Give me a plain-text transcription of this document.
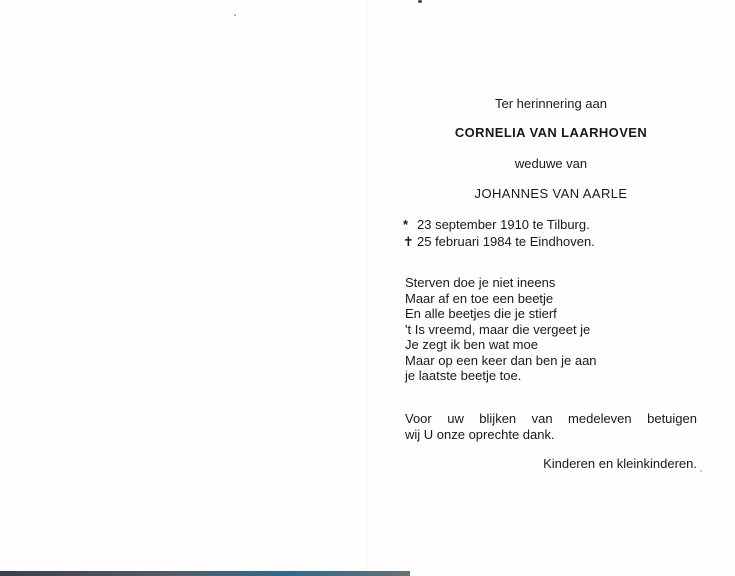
Ter herinnering aan
CORNELIA VAN LAARHOVEN
weduwe van
JOHANNES VAN AARLE
* 23 september 1910 te Tilburg.
✝ 25 februari 1984 te Eindhoven.
Sterven doe je niet ineens
Maar af en toe een beetje
En alle beetjes die je stierf
't Is vreemd, maar die vergeet je
Je zegt ik ben wat moe
Maar op een keer dan ben je aan
je laatste beetje toe.
Voor uw blijken van medeleven betuigen
wij U onze oprechte dank.
Kinderen en kleinkinderen.
